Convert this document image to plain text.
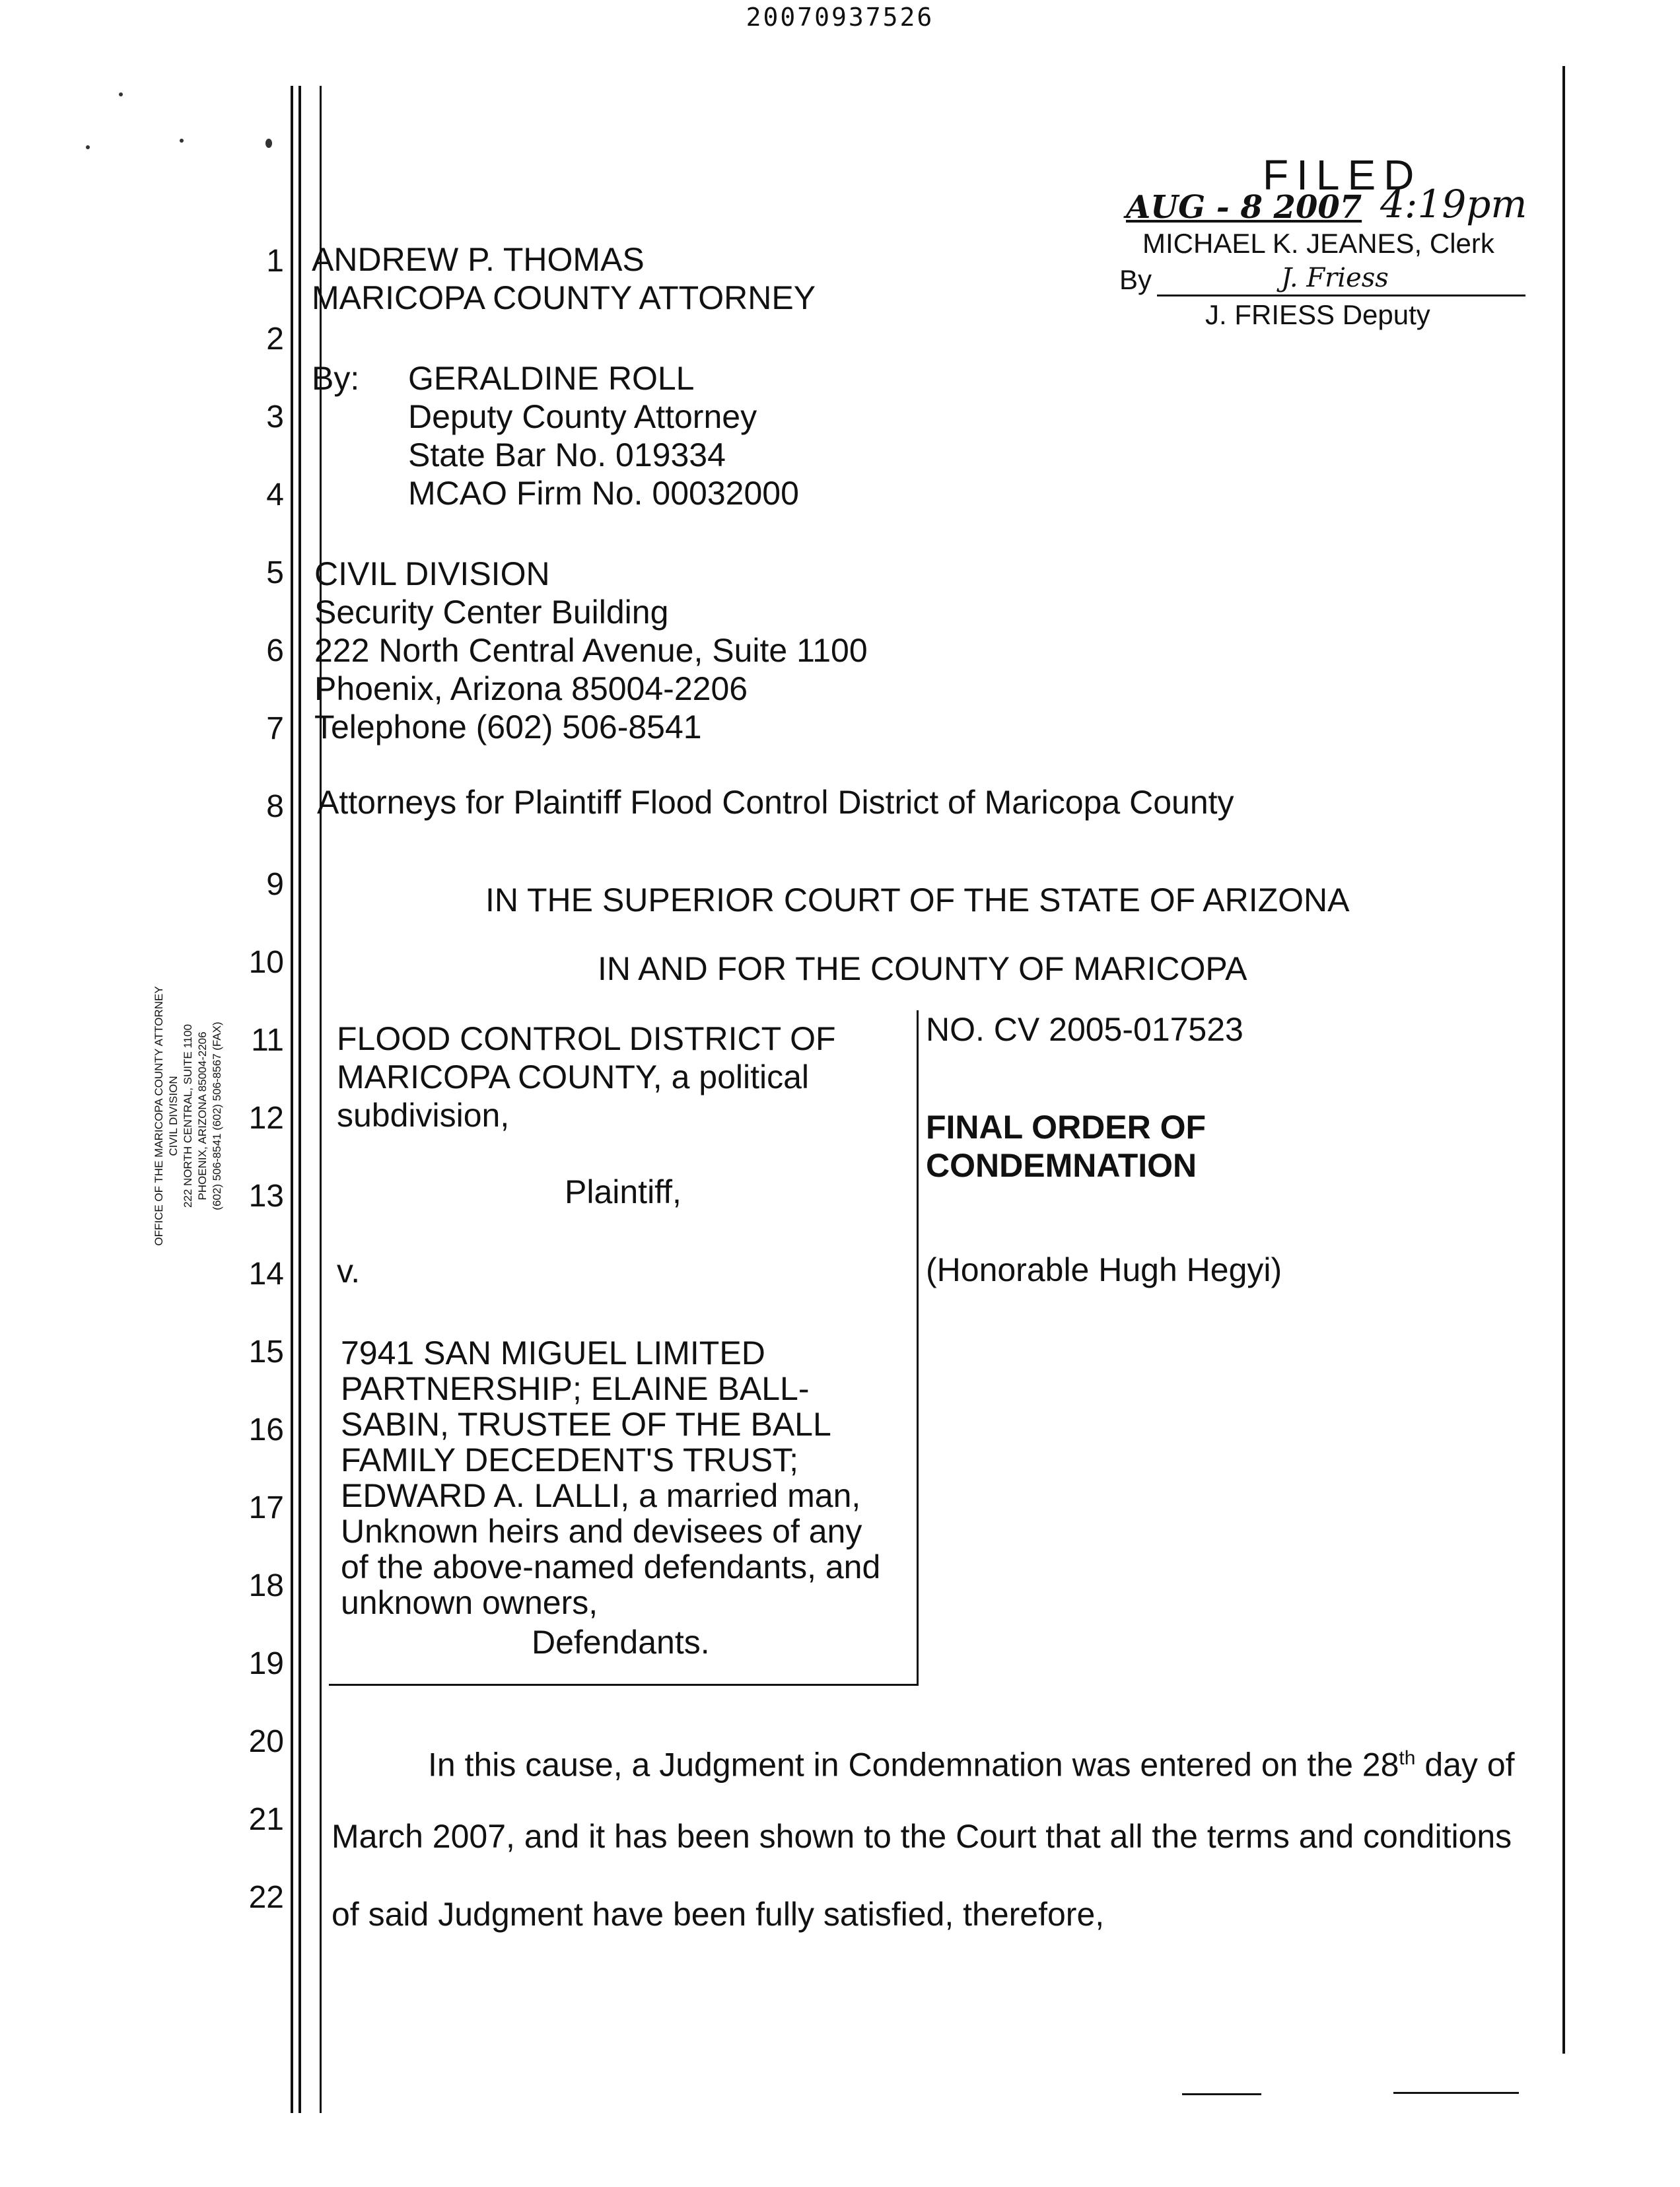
20070937526
OFFICE OF THE MARICOPA COUNTY ATTORNEY CIVIL DIVISION 222 NORTH CENTRAL, SUITE 1100 PHOENIX, ARIZONA 85004-2206 (602) 506-8541 (602) 506-8567 (FAX)
1
2
3
4
5
6
7
8
9
10
11
12
13
14
15
16
17
18
19
20
21
22
FILED
AUG - 8 2007 4:19pm
MICHAEL K. JEANES, Clerk
By	J. Friess
J. FRIESS Deputy
ANDREW P. THOMAS
MARICOPA COUNTY ATTORNEY
By: GERALDINE ROLL
Deputy County Attorney
State Bar No. 019334
MCAO Firm No. 00032000
CIVIL DIVISION
Security Center Building
222 North Central Avenue, Suite 1100
Phoenix, Arizona 85004-2206
Telephone (602) 506-8541
Attorneys for Plaintiff Flood Control District of Maricopa County
IN THE SUPERIOR COURT OF THE STATE OF ARIZONA
IN AND FOR THE COUNTY OF MARICOPA
FLOOD CONTROL DISTRICT OF
MARICOPA COUNTY, a political
subdivision,
Plaintiff,
v.
7941 SAN MIGUEL LIMITED
PARTNERSHIP; ELAINE BALL-
SABIN, TRUSTEE OF THE BALL
FAMILY DECEDENT'S TRUST;
EDWARD A. LALLI, a married man,
Unknown heirs and devisees of any
of the above-named defendants, and
unknown owners,
Defendants.
NO. CV 2005-017523
FINAL ORDER OF
CONDEMNATION
(Honorable Hugh Hegyi)
In this cause, a Judgment in Condemnation was entered on the 28th day of
March 2007, and it has been shown to the Court that all the terms and conditions
of said Judgment have been fully satisfied, therefore,
